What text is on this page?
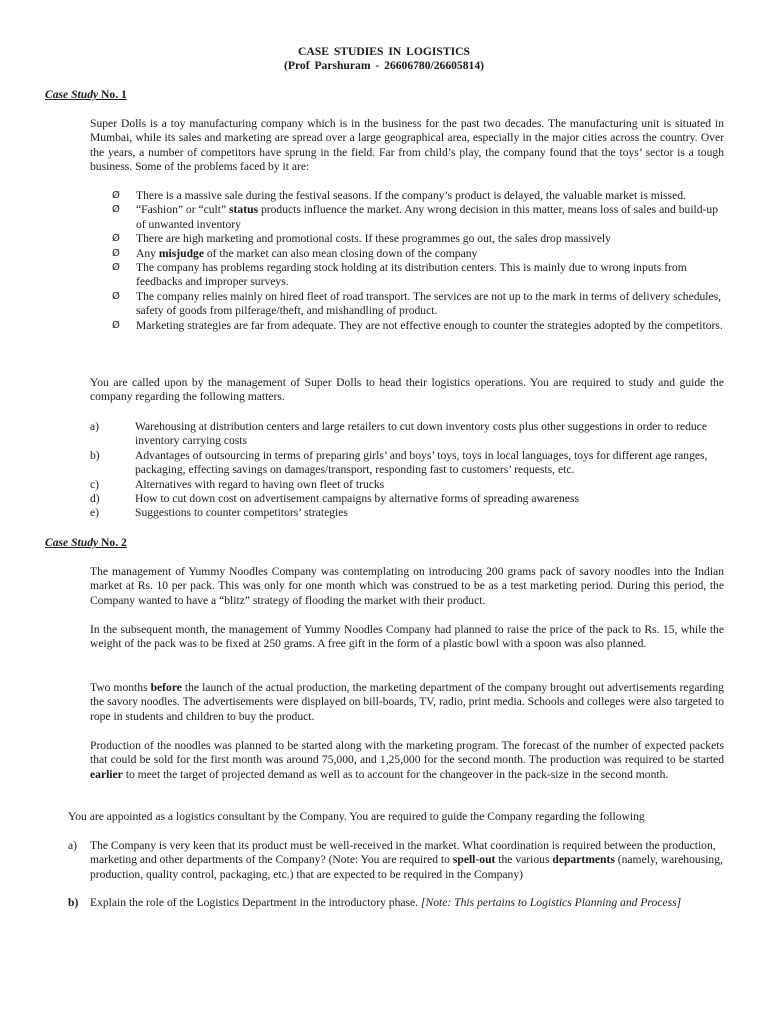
CASE STUDIES IN LOGISTICS
(Prof Parshuram - 26606780/26605814)
Case Study No. 1
Super Dolls is a toy manufacturing company which is in the business for the past two decades. The manufacturing unit is situated in Mumbai, while its sales and marketing are spread over a large geographical area, especially in the major cities across the country. Over the years, a number of competitors have sprung in the field. Far from child’s play, the company found that the toys’ sector is a tough business. Some of the problems faced by it are:
Ø There is a massive sale during the festival seasons. If the company’s product is delayed, the valuable market is missed.
Ø “Fashion” or “cult” status products influence the market. Any wrong decision in this matter, means loss of sales and build-up of unwanted inventory
Ø There are high marketing and promotional costs. If these programmes go out, the sales drop massively
Ø Any misjudge of the market can also mean closing down of the company
Ø The company has problems regarding stock holding at its distribution centers. This is mainly due to wrong inputs from feedbacks and improper surveys.
Ø The company relies mainly on hired fleet of road transport. The services are not up to the mark in terms of delivery schedules, safety of goods from pilferage/theft, and mishandling of product.
Ø Marketing strategies are far from adequate. They are not effective enough to counter the strategies adopted by the competitors.
You are called upon by the management of Super Dolls to head their logistics operations. You are required to study and guide the company regarding the following matters.
a)	Warehousing at distribution centers and large retailers to cut down inventory costs plus other suggestions in order to reduce inventory carrying costs
b)	Advantages of outsourcing in terms of preparing girls’ and boys’ toys, toys in local languages, toys for different age ranges, packaging, effecting savings on damages/transport, responding fast to customers’ requests, etc.
c)	Alternatives with regard to having own fleet of trucks
d)	How to cut down cost on advertisement campaigns by alternative forms of spreading awareness
e)	Suggestions to counter competitors’ strategies
Case Study No. 2
The management of Yummy Noodles Company was contemplating on introducing 200 grams pack of savory noodles into the Indian market at Rs. 10 per pack. This was only for one month which was construed to be as a test marketing period. During this period, the Company wanted to have a “blitz” strategy of flooding the market with their product.
In the subsequent month, the management of Yummy Noodles Company had planned to raise the price of the pack to Rs. 15, while the weight of the pack was to be fixed at 250 grams. A free gift in the form of a plastic bowl with a spoon was also planned.
Two months before the launch of the actual production, the marketing department of the company brought out advertisements regarding the savory noodles. The advertisements were displayed on bill-boards, TV, radio, print media. Schools and colleges were also targeted to rope in students and children to buy the product.
Production of the noodles was planned to be started along with the marketing program. The forecast of the number of expected packets that could be sold for the first month was around 75,000, and 1,25,000 for the second month. The production was required to be started earlier to meet the target of projected demand as well as to account for the changeover in the pack-size in the second month.
You are appointed as a logistics consultant by the Company. You are required to guide the Company regarding the following
a) The Company is very keen that its product must be well-received in the market. What coordination is required between the production, marketing and other departments of the Company? (Note: You are required to spell-out the various departments (namely, warehousing, production, quality control, packaging, etc.) that are expected to be required in the Company)
b) Explain the role of the Logistics Department in the introductory phase. [Note: This pertains to Logistics Planning and Process]
